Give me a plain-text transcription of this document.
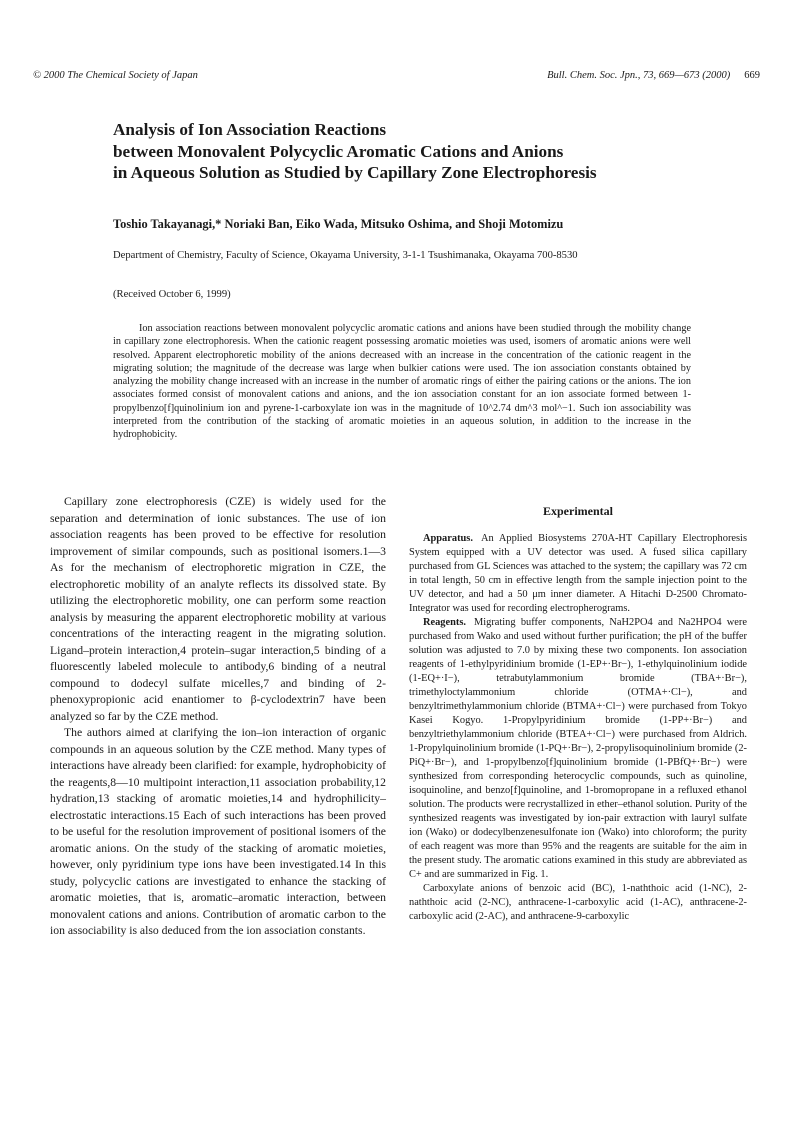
© 2000 The Chemical Society of Japan	Bull. Chem. Soc. Jpn., 73, 669—673 (2000) 669
Analysis of Ion Association Reactions
between Monovalent Polycyclic Aromatic Cations and Anions
in Aqueous Solution as Studied by Capillary Zone Electrophoresis
Toshio Takayanagi,* Noriaki Ban, Eiko Wada, Mitsuko Oshima, and Shoji Motomizu
Department of Chemistry, Faculty of Science, Okayama University, 3-1-1 Tsushimanaka, Okayama 700-8530
(Received October 6, 1999)

Ion association reactions between monovalent polycyclic aromatic cations and anions have been studied through the mobility change in capillary zone electrophoresis. When the cationic reagent possessing aromatic moieties was used, isomers of aromatic anions were well resolved. Apparent electrophoretic mobility of the anions decreased with an increase in the concentration of the cationic reagent in the migrating solution; the magnitude of the decrease was large when bulkier cations were used. The ion association constants obtained by analyzing the mobility change increased with an increase in the number of aromatic rings of either the pairing cations or the anions. The ion associates formed consist of monovalent cations and anions, and the ion association constant for an ion associate formed between 1-propylbenzo[f]quinolinium ion and pyrene-1-carboxylate ion was in the magnitude of 10^2.74 dm^3 mol^−1. Such ion associability was interpreted from the contribution of the stacking of aromatic moieties in an aqueous solution, in addition to the increase in the hydrophobicity.

Capillary zone electrophoresis (CZE) is widely used for the separation and determination of ionic substances. The use of ion association reagents has been proved to be effective for resolution improvement of similar compounds, such as positional isomers.1—3 As for the mechanism of electrophoretic migration in CZE, the electrophoretic mobility of an analyte reflects its dissolved state. By utilizing the electrophoretic mobility, one can perform some reaction analysis by measuring the apparent electrophoretic mobility at various concentrations of the interacting reagent in the migrating solution. Ligand–protein interaction,4 protein–sugar interaction,5 binding of a fluorescently labeled molecule to antibody,6 binding of a neutral compound to dodecyl sulfate micelles,7 and binding of 2-phenoxypropionic acid enantiomer to β-cyclodextrin7 have been analyzed so far by the CZE method.

The authors aimed at clarifying the ion–ion interaction of organic compounds in an aqueous solution by the CZE method. Many types of interactions have already been clarified: for example, hydrophobicity of the reagents,8—10 multipoint interaction,11 association probability,12 hydration,13 stacking of aromatic moieties,14 and hydrophilicity–electrostatic interactions.15 Each of such interactions has been proved to be useful for the resolution improvement of positional isomers of the aromatic anions. On the study of the stacking of aromatic moieties, however, only pyridinium type ions have been investigated.14 In this study, polycyclic cations are investigated to enhance the stacking of aromatic moieties, that is, aromatic–aromatic interaction, between monovalent cations and anions. Contribution of aromatic carbon to the ion associability is also deduced from the ion association constants.

Experimental

Apparatus. An Applied Biosystems 270A-HT Capillary Electrophoresis System equipped with a UV detector was used. A fused silica capillary purchased from GL Sciences was attached to the system; the capillary was 72 cm in total length, 50 cm in effective length from the sample injection point to the UV detector, and had a 50 μm inner diameter. A Hitachi D-2500 Chromato-Integrator was used for recording electropherograms.

Reagents. Migrating buffer components, NaH2PO4 and Na2HPO4 were purchased from Wako and used without further purification; the pH of the buffer solution was adjusted to 7.0 by mixing these two components. Ion association reagents of 1-ethylpyridinium bromide (1-EP+·Br−), 1-ethylquinolinium iodide (1-EQ+·I−), tetrabutylammonium bromide (TBA+·Br−), trimethyloctylammonium chloride (OTMA+·Cl−), and benzyltrimethylammonium chloride (BTMA+·Cl−) were purchased from Tokyo Kasei Kogyo. 1-Propylpyridinium bromide (1-PP+·Br−) and benzyltriethylammonium chloride (BTEA+·Cl−) were purchased from Aldrich. 1-Propylquinolinium bromide (1-PQ+·Br−), 2-propylisoquinolinium bromide (2-PiQ+·Br−), and 1-propylbenzo[f]quinolinium bromide (1-PBfQ+·Br−) were synthesized from corresponding heterocyclic compounds, such as quinoline, isoquinoline, and benzo[f]quinoline, and 1-bromopropane in a refluxed ethanol solution. The products were recrystallized in ether–ethanol solution. Purity of the synthesized reagents was investigated by ion-pair extraction with lauryl sulfate ion (Wako) or dodecylbenzenesulfonate ion (Wako) into chloroform; the purity of each reagent was more than 95% and the reagents are suitable for the aim in the present study. The aromatic cations examined in this study are abbreviated as C+ and are summarized in Fig. 1.

Carboxylate anions of benzoic acid (BC), 1-naththoic acid (1-NC), 2-naththoic acid (2-NC), anthracene-1-carboxylic acid (1-AC), anthracene-2-carboxylic acid (2-AC), and anthracene-9-carboxylic
